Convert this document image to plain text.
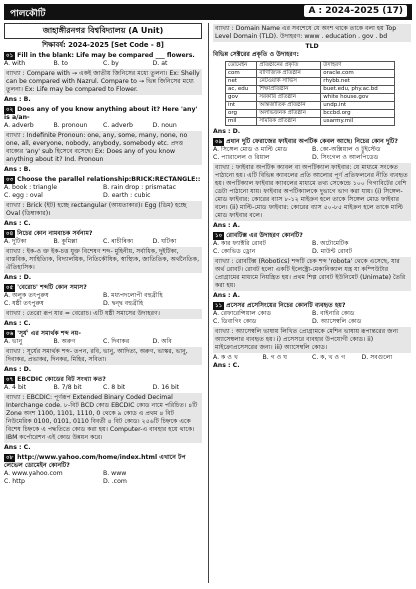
পালকৌটি	A : 2024-2025 (17)
জাহাঙ্গীরনগর বিশ্ববিদ্যালয় (A Unit)
শিক্ষাবর্ষ: 2024-2025 [Set Code - 8]
০১ Fill in the blank: Life may be compared ___ flowers.
A. with	B. to	C. by	D. at
ব্যাখ্যা : Compare with → একই জাতীয় জিনিসের মধ্যে তুলনা। Ex: Shelly can be compared with Nazrul. Compare to → ভিন্ন জিনিসের মধ্যে তুলনা। Ex: Life may be compared to Flower.
Ans : B.
০২ Does any of you know anything about it? Here 'any' is a/an-
A. adverb	B. pronoun	C. adverb	D. noun
ব্যাখ্যা : Indefinite Pronoun: one, any, some, many, none, no one, all, everyone, nobody, anybody, somebody etc. প্রদত্ত বাক্যের 'any' sub হিসেবে বসেছে। Ex: Does any of you know anything about it? Ind. Pronoun
Ans : B.
০৩ Choose the parallel relationship:BRICK:RECTANGLE::
A. book : triangle	B. rain drop : prismatac
C. egg : oval	D. earth : cubic
ব্যাখ্যা : Brick (ইট) হচ্ছে rectangular (আয়তাকার)। Egg (ডিম) হচ্ছে Oval (ডিম্বাকার)।
Ans : C.
০৪ নিচের কোন নামবাচক সর্বনাম?
A. দুটিকা	B. কুমিল্লা	C. ৰাচীৰিকা	D. ঘটিকা
ব্যাখ্যা : ইক-ও ক্ত ইক-চত্ত যুক্ত বিশেষণ শব্দ- মুহিনীয়, সর্বাধিক, দুইটিকা, বাস্তবিক, সাহিত্যিক, বিদ্যালয়িক, নিতিকৌষিক, স্বাস্থ্যিক, জাতিতিক, অর্থনৈতিক, ঐতিহাসিক।
Ans : D.
০৫ 'বেরোচ' শব্দটি কোন সমাস?
A. অলুক তৎপুরুষ	B. মধ্যপদলোপী বহুব্রীহি
C. ষষ্ঠী তৎপুরুষ	D. দ্বন্দ্ব বহুব্রীহি
ব্যাখ্যা : তেরো রূপ যার = বেরোচ। এটি ষষ্ঠী সমাসের উদাহরণ।
Ans : C.
০৬ 'সূর্য' এর সমার্থক শব্দ নয়-
A. ভানু	B. অরুণ	C. দিবাকর	D. অবি
ব্যাখ্যা : সূর্যের সমার্থক শব্দ- তপন, রবি, ভানু, আদিত্য, অরুণ, ভাস্কর, ভানু, দিবাকর, প্রভাকর, দিনকর, মিহির, সবিতা।
Ans : D.
০৭ EBCDIC কোডের বিট সংখ্যা কত?
A. 4 bit	B. 7/8 bit	C. 8 bit	D. 16 bit
ব্যাখ্যা : EBCDIC: পূর্ণরূপ Extended Binary Coded Decimal Interchange code. ৮-বিট BCD কোড EBCDIC কোড নামে পরিচিত। ৪টি Zone অংশ 1100, 1101, 1110, 0 থেকে ৯ কোড এ প্রথম ৪ বিট নিউমেরিক 0100, 0101, 0110 বিবর্তী ৪ বিট কোড। ২৫৬টি চিহ্নকে একে বিশেষ চিহ্নকে এ পদ্ধতিতে কোড করা হয়। Computer-এ বাবহার হয়ে থাকে। IBM কর্পোরেশন এই কোড উন্নয়ন করে।
Ans : C.
০৮ http://www.yahoo.com/home/index.html এখানে টপ লেভেল ডোমেইন কোনটি?
A. www.yahoo.com	B. www
C. http	D. .com
ব্যাখ্যা : Domain Name এর সবশেষে যে অংশ থাকে তাকে বলা হয় Top Level Domain (TLD). উদাহরণ: www . education . gov . bd
TLD
বিভিন্ন সেক্টরের প্রকৃতি ও উদাহরণ:
ডোমেইন	প্রতিষ্ঠানের প্রকৃতি	উদাহরণ
com	বাণিজ্যিক প্রতিষ্ঠান	oracle.com
net	নেটওয়ার্ক সার্ভিস	rhybb.net
ac, edu	শিক্ষাপ্রতিষ্ঠান	buet.edu, phy.ac.bd
gov	সরকারি প্রতিষ্ঠান	white house.gov
int	আন্তর্জাতিক প্রতিষ্ঠান	undp.int
org	অলাভজনক প্রতিষ্ঠান	bccbd.org
mil	সামরিক প্রতিষ্ঠান	usarmy.mil
Ans : D.
০৯ প্রধান দুটি ফেরাজের ফাইবার অপটিক কেবল আছে। নিচের কোন দুটি?
A. সিঙ্গেল মোড ও মাল্টি মোড	B. কো-অক্সিয়াল ও টুইস্টেড
C. প্যারালেল ও রিয়াল	D. সিংগেল ও আলপিডেড
ব্যাখ্যা : ফাইবার অপটিক ক্যাবল বা অপটিক্যাল ফাইবার: যে মাধ্যমে সংকেত পাঠানো হয়। এটি বিভিন্ন ক্যাবলের প্রতি আলোর পূর্ণ প্রতিফলনের নীতি ব্যবহৃত হয়। অপটিক্যাল ফাইবার ক্যাবলের মাধ্যমে তথ্য সেকেন্ডে ১০০ গিগাবিটের বেশি ডেটা পাঠানো যায়। ফাইবার অপটিক্যালকে দুভাগে ভাগ করা যায়। (i) সিঙ্গেল-মোড ফাইবার: কোরের ব্যাস ৮-১২ মাইক্রন হলে তাকে সিঙ্গেল মোড ফাইবার বলে। (ii) মাল্টি-মোড ফাইবার: কোরের ব্যাস ৫০-৮৫ মাইক্রন হলে তাকে মাল্টি মোড ফাইবার বলে।
Ans : A.
১০ রোবটিক্স এর উদাহরণ কোনটি?
A. কার ফ্যাক্টরি রোবট	B. অটোমেটিক
C. কোভিড ড্রোন	D. মাউন্ট রোবট
ব্যাখ্যা : রোবটিক্স (Robotics) শব্দটি চেক শব্দ 'robota' থেকে এসেছে, যার অর্থ রোবট। রোবট হলো একটি ইলেক্ট্রো-মেকানিক্যাল যন্ত্র যা কম্পিউটার প্রোগ্রামের মাধ্যমে নিয়ন্ত্রিত হয়। প্রথম শিল্প রোবট ইউনিমেট (Unimate) তৈরি করা হয়।
Ans : A.
১১ প্রসেসর প্রসেসিংয়ের নিচের কোনটি ব্যবহৃত হয়?
A. রেফারেন্সিয়াল কোড	B. বাইনারি কোড
C. ডিবাগিং কোড	D. অ্যাসেম্বলি কোড
ব্যাখ্যা : অ্যাসেম্বলি ভাষায় লিখিত প্রোগ্রামকে মেশিন ভাষায় রূপান্তরের জন্য অ্যাসেম্বলার ব্যবহৃত হয়। i) প্রসেসরে ব্যবহার উপযোগী কোড। ii) মাইক্রোপ্রসেসরের জন্য। iii) অ্যাসেম্বলি কোড।
A. ক ও খ	B. গ ও ঘ	C. ক, খ ও গ	D. সবগুলো
Ans : C.
